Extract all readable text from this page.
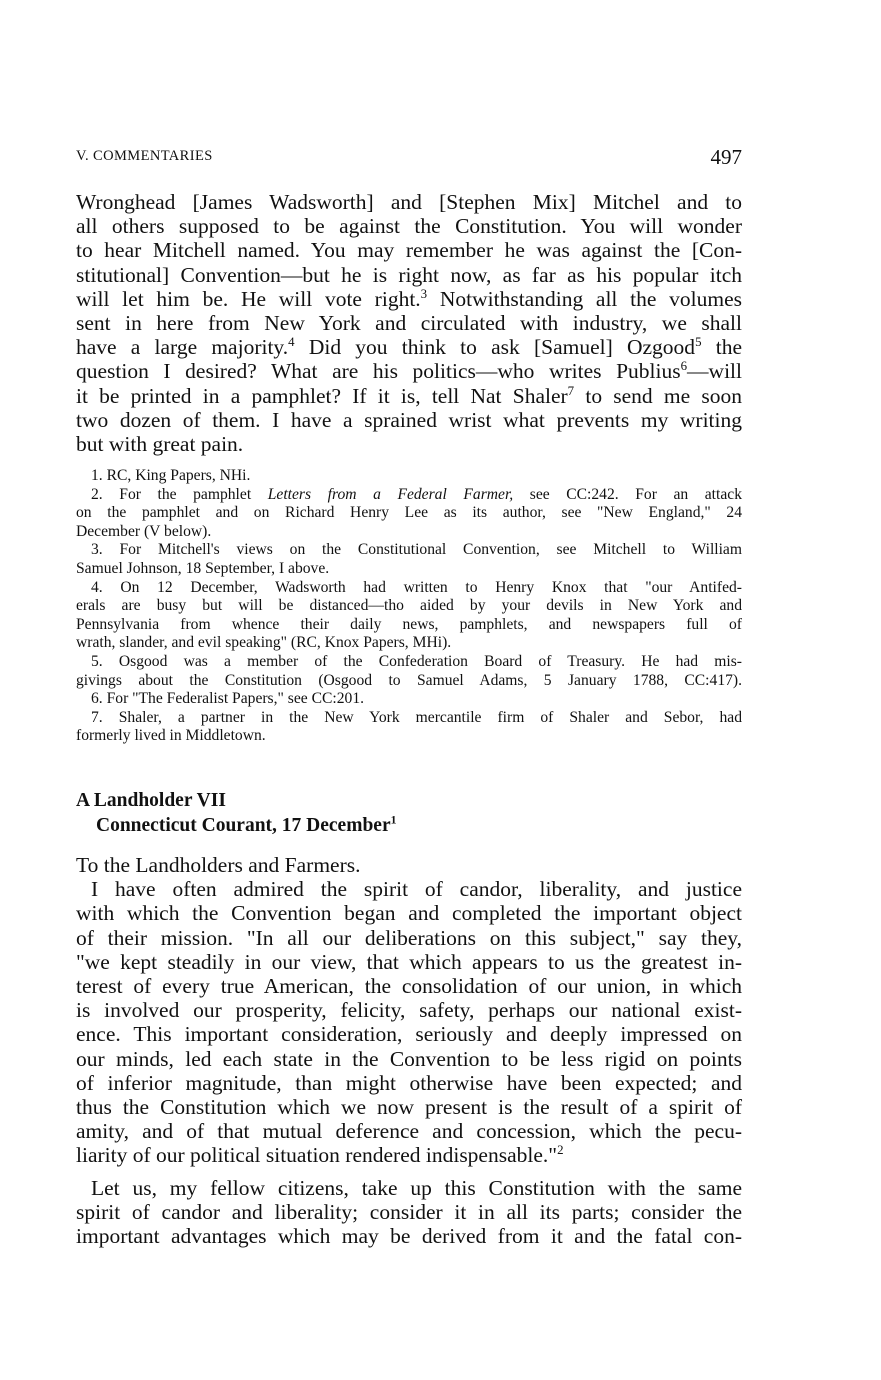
V. COMMENTARIES	497
Wronghead [James Wadsworth] and [Stephen Mix] Mitchel and to
all others supposed to be against the Constitution. You will wonder
to hear Mitchell named. You may remember he was against the [Con-
stitutional] Convention—but he is right now, as far as his popular itch
will let him be. He will vote right.$^3$ Notwithstanding all the volumes
sent in here from New York and circulated with industry, we shall
have a large majority.$^4$ Did you think to ask [Samuel] Ozgood$^5$ the
question I desired? What are his politics—who writes Publius$^6$—will
it be printed in a pamphlet? If it is, tell Nat Shaler$^7$ to send me soon
two dozen of them. I have a sprained wrist what prevents my writing
but with great pain.
1. RC, King Papers, NHi.
2. For the pamphlet Letters from a Federal Farmer, see CC:242. For an attack
on the pamphlet and on Richard Henry Lee as its author, see "New England," 24
December (V below).
3. For Mitchell's views on the Constitutional Convention, see Mitchell to William
Samuel Johnson, 18 September, I above.
4. On 12 December, Wadsworth had written to Henry Knox that "our Antifed-
erals are busy but will be distanced—tho aided by your devils in New York and
Pennsylvania from whence their daily news, pamphlets, and newspapers full of
wrath, slander, and evil speaking" (RC, Knox Papers, MHi).
5. Osgood was a member of the Confederation Board of Treasury. He had mis-
givings about the Constitution (Osgood to Samuel Adams, 5 January 1788, CC:417).
6. For "The Federalist Papers," see CC:201.
7. Shaler, a partner in the New York mercantile firm of Shaler and Sebor, had
formerly lived in Middletown.
A Landholder VII
Connecticut Courant, 17 December$^1$
To the Landholders and Farmers.
I have often admired the spirit of candor, liberality, and justice
with which the Convention began and completed the important object
of their mission. "In all our deliberations on this subject," say they,
"we kept steadily in our view, that which appears to us the greatest in-
terest of every true American, the consolidation of our union, in which
is involved our prosperity, felicity, safety, perhaps our national exist-
ence. This important consideration, seriously and deeply impressed on
our minds, led each state in the Convention to be less rigid on points
of inferior magnitude, than might otherwise have been expected; and
thus the Constitution which we now present is the result of a spirit of
amity, and of that mutual deference and concession, which the pecu-
liarity of our political situation rendered indispensable."$^2$
Let us, my fellow citizens, take up this Constitution with the same
spirit of candor and liberality; consider it in all its parts; consider the
important advantages which may be derived from it and the fatal con-
